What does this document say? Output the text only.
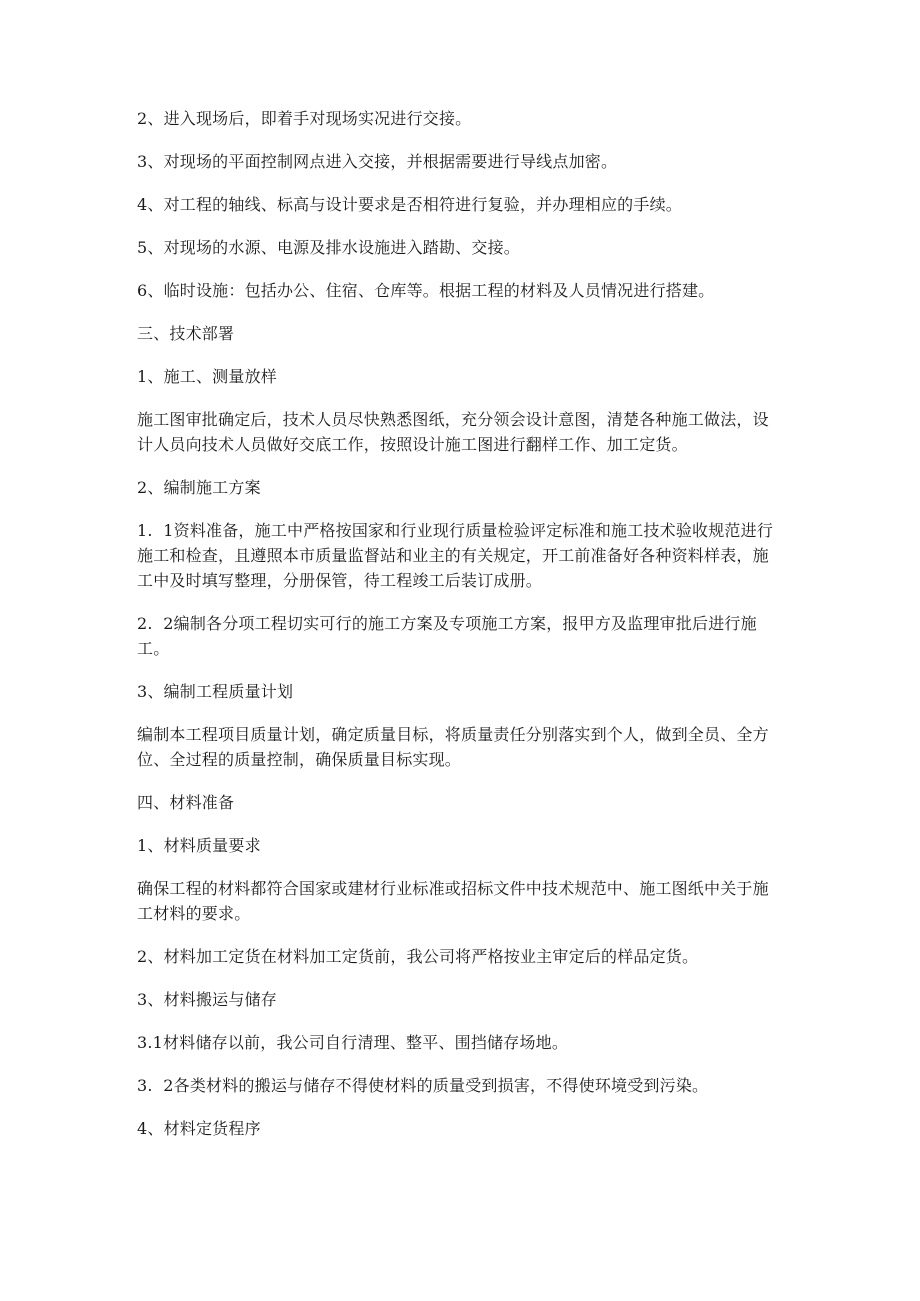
2、进入现场后，即着手对现场实况进行交接。

3、对现场的平面控制网点进入交接，并根据需要进行导线点加密。

4、对工程的轴线、标高与设计要求是否相符进行复验，并办理相应的手续。

5、对现场的水源、电源及排水设施进入踏勘、交接。

6、临时设施：包括办公、住宿、仓库等。根据工程的材料及人员情况进行搭建。

三、技术部署

1、施工、测量放样

施工图审批确定后，技术人员尽快熟悉图纸，充分领会设计意图，清楚各种施工做法，设计人员向技术人员做好交底工作，按照设计施工图进行翻样工作、加工定货。

2、编制施工方案

1.  1资料准备，施工中严格按国家和行业现行质量检验评定标准和施工技术验收规范进行施工和检查，且遵照本市质量监督站和业主的有关规定，开工前准备好各种资料样表，施工中及时填写整理，分册保管，待工程竣工后装订成册。

2.  2编制各分项工程切实可行的施工方案及专项施工方案，报甲方及监理审批后进行施工。

3、编制工程质量计划

编制本工程项目质量计划，确定质量目标，将质量责任分别落实到个人，做到全员、全方位、全过程的质量控制，确保质量目标实现。

四、材料准备

1、材料质量要求

确保工程的材料都符合国家或建材行业标准或招标文件中技术规范中、施工图纸中关于施工材料的要求。

2、材料加工定货在材料加工定货前，我公司将严格按业主审定后的样品定货。

3、材料搬运与储存

3.1材料储存以前，我公司自行清理、整平、围挡储存场地。

3.  2各类材料的搬运与储存不得使材料的质量受到损害，不得使环境受到污染。

4、材料定货程序
